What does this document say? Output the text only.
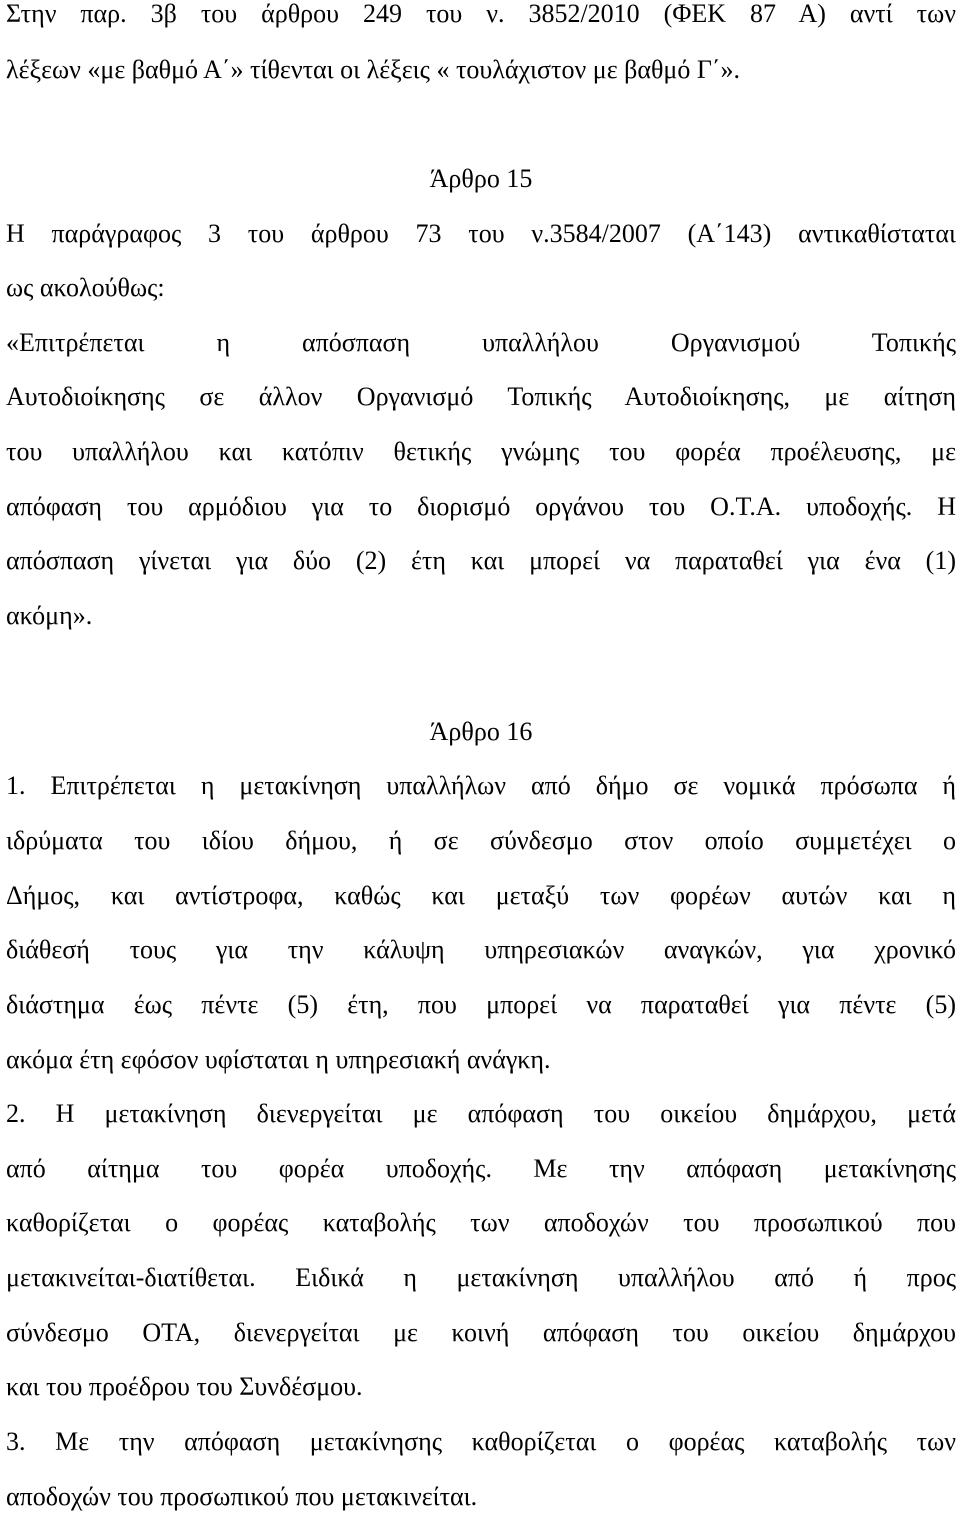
Στην παρ. 3β του άρθρου 249 του ν. 3852/2010 (ΦΕΚ 87 Α) αντί των
λέξεων «με βαθμό Α΄» τίθενται οι λέξεις « τουλάχιστον με βαθμό Γ΄».
Άρθρο 15
Η παράγραφος 3 του άρθρου 73 του ν.3584/2007 (Α΄143) αντικαθίσταται
ως ακολούθως:
«Επιτρέπεται η απόσπαση υπαλλήλου Οργανισμού Τοπικής
Αυτοδιοίκησης σε άλλον Οργανισμό Τοπικής Αυτοδιοίκησης, με αίτηση
του υπαλλήλου και κατόπιν θετικής γνώμης του φορέα προέλευσης, με
απόφαση του αρμόδιου για το διορισμό οργάνου του Ο.Τ.Α. υποδοχής. Η
απόσπαση γίνεται για δύο (2) έτη και μπορεί να παραταθεί για ένα (1)
ακόμη».
Άρθρο 16
1. Επιτρέπεται η μετακίνηση υπαλλήλων από δήμο σε νομικά πρόσωπα ή
ιδρύματα του ιδίου δήμου, ή σε σύνδεσμο στον οποίο συμμετέχει ο
Δήμος, και αντίστροφα, καθώς και μεταξύ των φορέων αυτών και η
διάθεσή τους για την κάλυψη υπηρεσιακών αναγκών, για χρονικό
διάστημα έως πέντε (5) έτη, που μπορεί να παραταθεί για πέντε (5)
ακόμα έτη εφόσον υφίσταται η υπηρεσιακή ανάγκη.
2. Η μετακίνηση διενεργείται με απόφαση του οικείου δημάρχου, μετά
από αίτημα του φορέα υποδοχής. Με την απόφαση μετακίνησης
καθορίζεται ο φορέας καταβολής των αποδοχών του προσωπικού που
μετακινείται-διατίθεται. Ειδικά η μετακίνηση υπαλλήλου από ή προς
σύνδεσμο ΟΤΑ, διενεργείται με κοινή απόφαση του οικείου δημάρχου
και του προέδρου του Συνδέσμου.
3. Με την απόφαση μετακίνησης καθορίζεται ο φορέας καταβολής των
αποδοχών του προσωπικού που μετακινείται.
